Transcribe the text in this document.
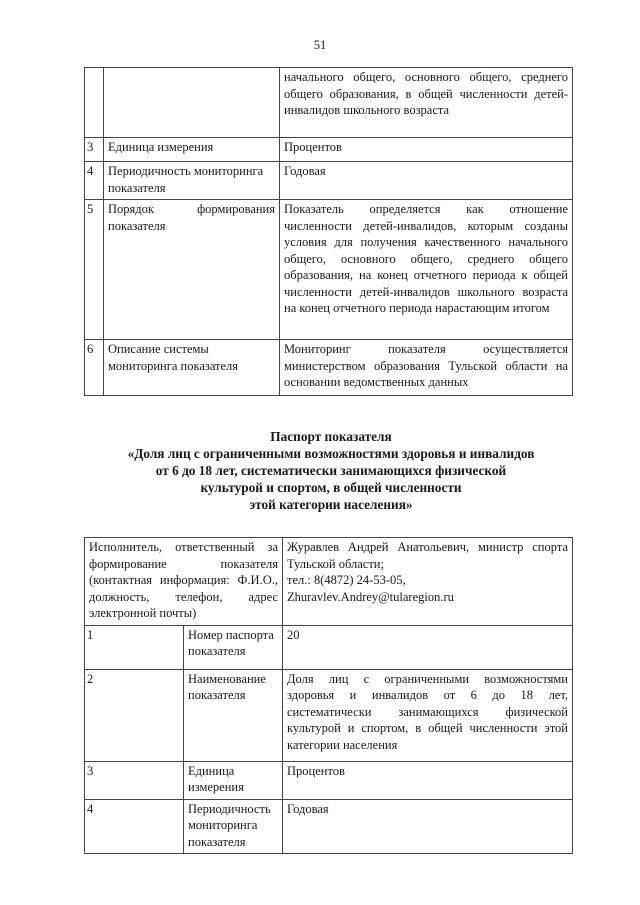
51
		начального общего, основного общего, среднего общего образования, в общей численности детей-инвалидов школьного возраста
3	Единица измерения	Процентов
4	Периодичность мониторинга показателя	Годовая
5	Порядок формирования показателя	Показатель определяется как отношение численности детей-инвалидов, которым созданы условия для получения качественного начального общего, основного общего, среднего общего образования, на конец отчетного периода к общей численности детей-инвалидов школьного возраста на конец отчетного периода нарастающим итогом
6	Описание системы мониторинга показателя	Мониторинг показателя осуществляется министерством образования Тульской области на основании ведомственных данных
Паспорт показателя
«Доля лиц с ограниченными возможностями здоровья и инвалидов
от 6 до 18 лет, систематически занимающихся физической
культурой и спортом, в общей численности
этой категории населения»
Исполнитель, ответственный за формирование показателя (контактная информация: Ф.И.О., должность, телефон, адрес электронной почты)		Журавлев Андрей Анатольевич, министр спорта Тульской области;
тел.: 8(4872) 24-53-05,
Zhuravlev.Andrey@tularegion.ru

1	Номер паспорта показателя	20
2	Наименование показателя	Доля лиц с ограниченными возможностями здоровья и инвалидов от 6 до 18 лет, систематически занимающихся физической культурой и спортом, в общей численности этой категории населения
3	Единица измерения	Процентов
4	Периодичность мониторинга показателя	Годовая
